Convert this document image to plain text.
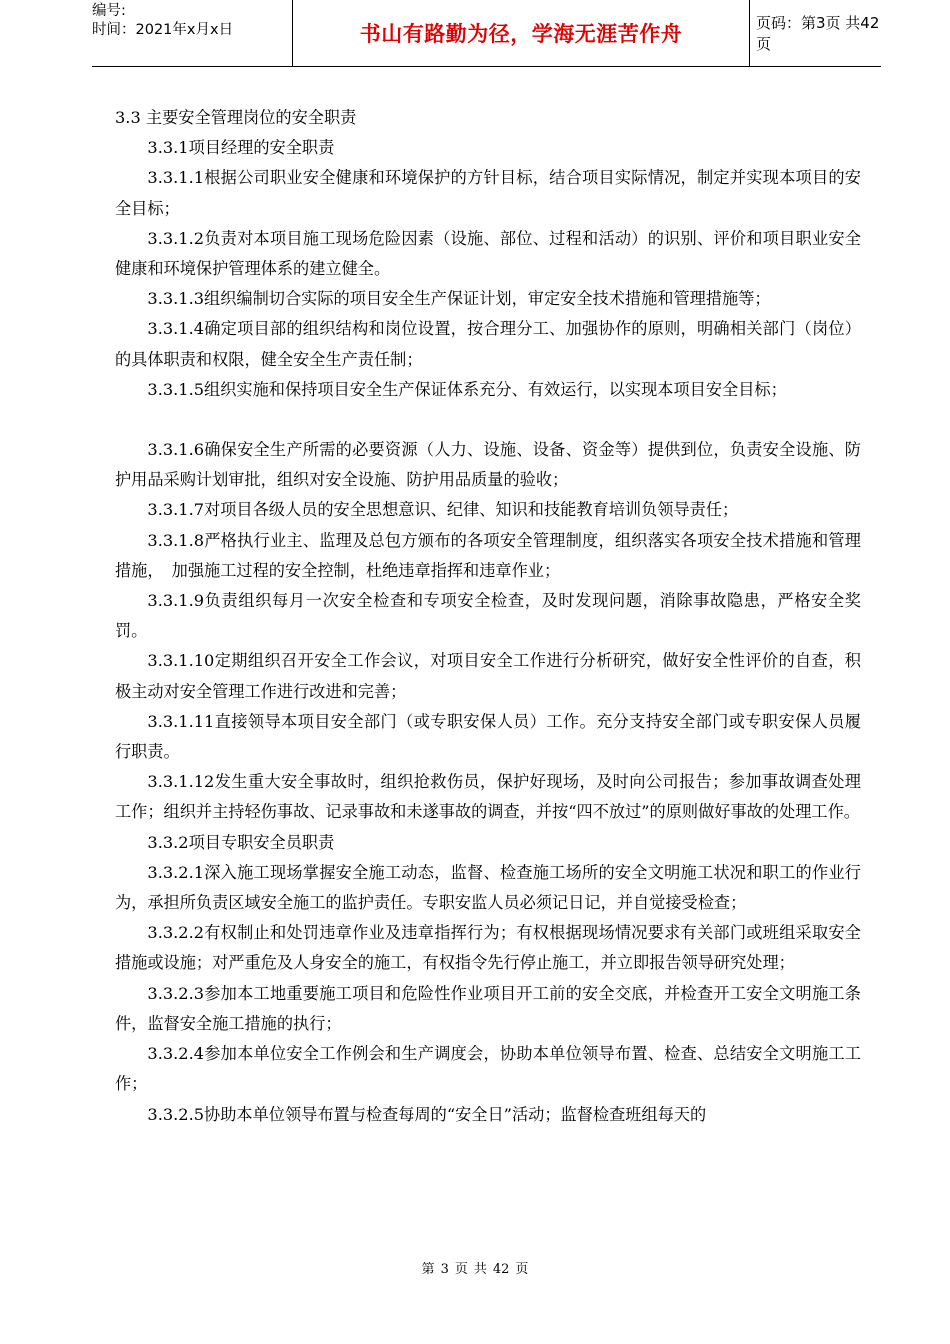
编号:
时间：2021年x月x日	书山有路勤为径，学海无涯苦作舟	页码：第3页 共42页

3.3 主要安全管理岗位的安全职责

3.3.1项目经理的安全职责

3.3.1.1根据公司职业安全健康和环境保护的方针目标，结合项目实际情况，制定并实现本项目的安全目标；

3.3.1.2负责对本项目施工现场危险因素（设施、部位、过程和活动）的识别、评价和项目职业安全健康和环境保护管理体系的建立健全。

3.3.1.3组织编制切合实际的项目安全生产保证计划，审定安全技术措施和管理措施等；

3.3.1.4确定项目部的组织结构和岗位设置，按合理分工、加强协作的原则，明确相关部门（岗位）的具体职责和权限，健全安全生产责任制；

3.3.1.5组织实施和保持项目安全生产保证体系充分、有效运行，以实现本项目安全目标；

3.3.1.6确保安全生产所需的必要资源（人力、设施、设备、资金等）提供到位，负责安全设施、防护用品采购计划审批，组织对安全设施、防护用品质量的验收；

3.3.1.7对项目各级人员的安全思想意识、纪律、知识和技能教育培训负领导责任；

3.3.1.8严格执行业主、监理及总包方颁布的各项安全管理制度，组织落实各项安全技术措施和管理措施，　加强施工过程的安全控制，杜绝违章指挥和违章作业；

3.3.1.9负责组织每月一次安全检查和专项安全检查，及时发现问题，消除事故隐患，严格安全奖罚。

3.3.1.10定期组织召开安全工作会议，对项目安全工作进行分析研究，做好安全性评价的自查，积极主动对安全管理工作进行改进和完善；

3.3.1.11直接领导本项目安全部门（或专职安保人员）工作。充分支持安全部门或专职安保人员履行职责。

3.3.1.12发生重大安全事故时，组织抢救伤员，保护好现场，及时向公司报告；参加事故调查处理工作；组织并主持轻伤事故、记录事故和未遂事故的调查，并按“四不放过”的原则做好事故的处理工作。

3.3.2项目专职安全员职责

3.3.2.1深入施工现场掌握安全施工动态，监督、检查施工场所的安全文明施工状况和职工的作业行为，承担所负责区域安全施工的监护责任。专职安监人员必须记日记，并自觉接受检查；

3.3.2.2有权制止和处罚违章作业及违章指挥行为；有权根据现场情况要求有关部门或班组采取安全措施或设施；对严重危及人身安全的施工，有权指令先行停止施工，并立即报告领导研究处理；

3.3.2.3参加本工地重要施工项目和危险性作业项目开工前的安全交底，并检查开工安全文明施工条件，监督安全施工措施的执行；

3.3.2.4参加本单位安全工作例会和生产调度会，协助本单位领导布置、检查、总结安全文明施工工作；

3.3.2.5协助本单位领导布置与检查每周的“安全日”活动；监督检查班组每天的

第 3 页 共 42 页
